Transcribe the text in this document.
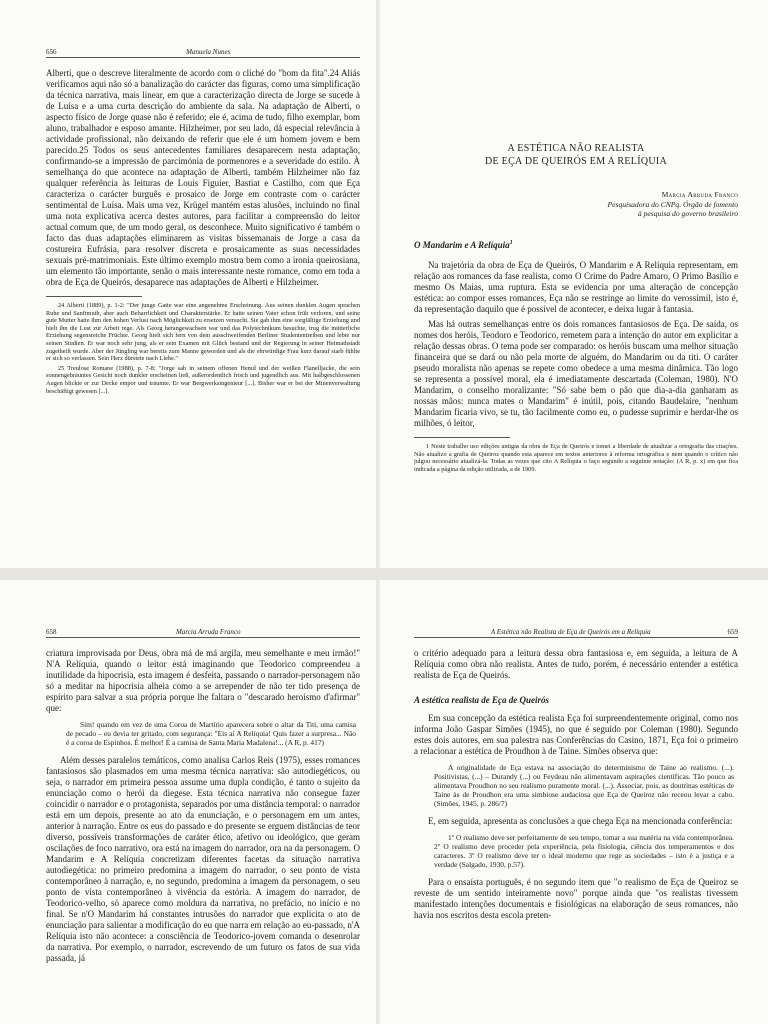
656	Manuela Nunes

Alberti, que o descreve literalmente de acordo com o cliché do "bom da fita".24 Aliás verificamos aqui não só a banalização do carácter das figuras, como uma simplificação da técnica narrativa, mais linear, em que a caracterização directa de Jorge se sucede à de Luísa e a uma curta descrição do ambiente da sala. Na adaptação de Alberti, o aspecto físico de Jorge quase não é referido; ele é, acima de tudo, filho exemplar, bom aluno, trabalhador e esposo amante. Hilzheimer, por seu lado, dá especial relevância à actividade profissional, não deixando de referir que ele é um homem jovem e bem parecido.25 Todos os seus antecedentes familiares desaparecem nesta adaptação, confirmando-se a impressão de parcimónia de pormenores e a severidade do estilo. À semelhança do que acontece na adaptação de Alberti, também Hilzheimer não faz qualquer referência às leituras de Louis Figuier, Bastiat e Castilho, com que Eça caracteriza o carácter burguês e prosaico de Jorge em contraste com o carácter sentimental de Luísa. Mais uma vez, Krügel mantém estas alusões, incluindo no final uma nota explicativa acerca destes autores, para facilitar a compreensão do leitor actual comum que, de um modo geral, os desconhece. Muito significativo é também o facto das duas adaptações eliminarem as visitas bissemanais de Jorge a casa da costureira Eufrásia, para resolver discreta e prosaicamente as suas necessidades sexuais pré-matrimoniais. Este último exemplo mostra bem como a ironia queirosiana, um elemento tão importante, senão o mais interessante neste romance, como em toda a obra de Eça de Queirós, desaparece nas adaptações de Alberti e Hilzheimer.

24 Alberti (1889), p. 1-2: "Der junge Gatte war eine angenehme Erscheinung. Aus seinen dunklen Augen sprachen Ruhe und Sanftmuth, aber auch Beharrlichkeit und Charakterstärke. Er hatte seinen Vater schon früh verloren, und seine gute Mutter hatte ihm den hohen Verlust nach Möglichkeit zu ersetzen versucht. Sie gab ihm eine sorgfältige Erziehung und hielt ihn die Lust zur Arbeit rege. Als Georg herangewachsen war und das Polytechnikum besuchte, trug die mütterliche Erziehung segensreiche Früchte. Georg hielt sich fern von dem ausschweifenden Berliner Studententreiben und lebte nur seinen Studien. Er war noch sehr jung, als er sein Examen mit Glück bestand und der Regierung in seiner Heimathstadt zugetheilt wurde. Aber der Jüngling war bereits zum Manne geworden und als die ehrwürdige Frau kurz darauf starb fühlte er sich so verlassen. Sein Herz dürstete nach Liebe."

25 Treulose Romane (1988), p. 7-8: "Jorge sah in seinem offenen Hemd und der weißen Flanelljacke, die sein sonnengebräuntes Gesicht noch dunkler erscheinen ließ, außerordentlich frisch und jugendlich aus. Mit halbgeschlossenen Augen blickte er zur Decke empor und träumte. Er war Bergwerksingenieur [...]. Bisher war er bei der Minenverwaltung beschäftigt gewesen [...].

A ESTÉTICA NÃO REALISTA
DE EÇA DE QUEIRÓS EM A RELÍQUIA

Marcia Arruda Franco

Pesquisadora do CNPq. Órgão de fomento

à pesquisa do governo brasileiro

O Mandarim e A Relíquia$^1$

Na trajetória da obra de Eça de Queirós, O Mandarim e A Relíquia representam, em relação aos romances da fase realista, como O Crime do Padre Amaro, O Primo Basílio e mesmo Os Maias, uma ruptura. Esta se evidencia por uma alteração de concepção estética: ao compor esses romances, Eça não se restringe ao limite do verossímil, isto é, da representação daquilo que é possível de acontecer, e deixa lugar à fantasia.

Mas há outras semelhanças entre os dois romances fantasiosos de Eça. De saída, os nomes dos heróis, Teodoro e Teodorico, remetem para a intenção do autor em explicitar a relação dessas obras. O tema pode ser comparado: os heróis buscam uma melhor situação financeira que se dará ou não pela morte de alguém, do Mandarim ou da titi. O caráter pseudo moralista não apenas se repete como obedece a uma mesma dinâmica. Tão logo se representa a possível moral, ela é imediatamente descartada (Coleman, 1980). N'O Mandarim, o conselho moralizante: "Só sabe bem o pão que dia-a-dia ganharam as nossas mãos: nunca mates o Mandarim" é inútil, pois, citando Baudelaire, "nenhum Mandarim ficaria vivo, se tu, tão facilmente como eu, o pudesse suprimir e herdar-lhe os milhões, ó leitor,

1 Neste trabalho uso edições antigas da obra de Eça de Queirós e tomei a liberdade de atualizar a ortografia das citações. Não atualizo a grafia de Queiroz quando esta aparece em textos anteriores à reforma ortográfica e nem quando o crítico não julgou necessário atualizá-la. Todas as vezes que cito A Relíquia o faço segundo a seguinte notação: (A R, p. x) em que fica indicada a página da edição utilizada, a de 1909.

658	Marcia Arruda Franco

criatura improvisada por Deus, obra má de má argila, meu semelhante e meu irmão!" N'A Relíquia, quando o leitor está imaginando que Teodorico compreendeu a inutilidade da hipocrisia, esta imagem é desfeita, passando o narrador-personagem não só a meditar na hipocrisia alheia como a se arrepender de não ter tido presença de espírito para salvar a sua própria porque lhe faltara o "descarado heroísmo d'afirmar" que:

Sim! quando em vez de uma Coroa de Martírio aparecera sobre o altar da Titi, uma camisa de pecado – eu devia ter gritado, com segurança: "Eis aí A Relíquia! Quis fazer a surpresa... Não é a coroa de Espinhos. É melhor! É a camisa de Santa Maria Madalena!... (A R, p. 417)

Além desses paralelos temáticos, como analisa Carlos Reis (1975), esses romances fantasiosos são plasmados em uma mesma técnica narrativa: são autodiegéticos, ou seja, o narrador em primeira pessoa assume uma dupla condição, é tanto o sujeito da enunciação como o herói da diegese. Esta técnica narrativa não consegue fazer coincidir o narrador e o protagonista, separados por uma distância temporal: o narrador está em um depois, presente ao ato da enunciação, e o personagem em um antes, anterior à narração. Entre os eus do passado e do presente se erguem distâncias de teor diverso, possíveis transformações de caráter ético, afetivo ou ideológico, que geram oscilações de foco narrativo, ora está na imagem do narrador, ora na da personagem. O Mandarim e A Relíquia concretizam diferentes facetas da situação narrativa autodiegética: no primeiro predomina a imagem do narrador, o seu ponto de vista contemporâneo à narração, e, no segundo, predomina a imagem da personagem, o seu ponto de vista contemporâneo à vivência da estória. A imagem do narrador, de Teodorico-velho, só aparece como moldura da narrativa, no prefácio, no início e no final. Se n'O Mandarim há constantes intrusões do narrador que explicita o ato de enunciação para salientar a modificação do eu que narra em relação ao eu-passado, n'A Relíquia isto não acontece: a consciência de Teodorico-jovem comanda o desenrolar da narrativa. Por exemplo, o narrador, escrevendo de um futuro os fatos de sua vida passada, já

A Estética não Realista de Eça de Queirós em a Relíquia	659

o critério adequado para a leitura dessa obra fantasiosa e, em seguida, a leitura de A Relíquia como obra não realista. Antes de tudo, porém, é necessário entender a estética realista de Eça de Queirós.

A estética realista de Eça de Queirós

Em sua concepção da estética realista Eça foi surpreendentemente original, como nos informa João Gaspar Simões (1945), no que é seguido por Coleman (1980). Segundo estes dois autores, em sua palestra nas Conferências do Casino, 1871, Eça foi o primeiro a relacionar a estética de Proudhon à de Taine. Simões observa que:

A originalidade de Eça estava na associação do determinismo de Taine ao realismo. (...). Positivistas, (...) – Durandy (...) ou Feydeau não alimentavam aspirações científicas. Tão pouco as alimentava Proudhon no seu realismo puramente moral. (...). Associar, pois, as doutrinas estéticas de Taine às de Proudhon era uma simbiose audaciosa que Eça de Queiroz não receou levar a cabo. (Simões, 1945, p. 286/7)

E, em seguida, apresenta as conclusões a que chega Eça na mencionada conferência:

1º O realismo deve ser perfeitamente de seu tempo, tomar a sua matéria na vida contemporânea. 2º O realismo deve proceder pela experiência, pela fisiologia, ciência dos temperamentos e dos caracteres. 3º O realismo deve ter o ideal moderno que rege as sociedades – isto é a justiça e a verdade (Salgado, 1930, p.57).

Para o ensaísta português, é no segundo item que "o realismo de Eça de Queiroz se reveste de um sentido inteiramente novo" porque ainda que "os realistas tivessem manifestado intenções documentais e fisiológicas na elaboração de seus romances, não havia nos escritos desta escola preten-
